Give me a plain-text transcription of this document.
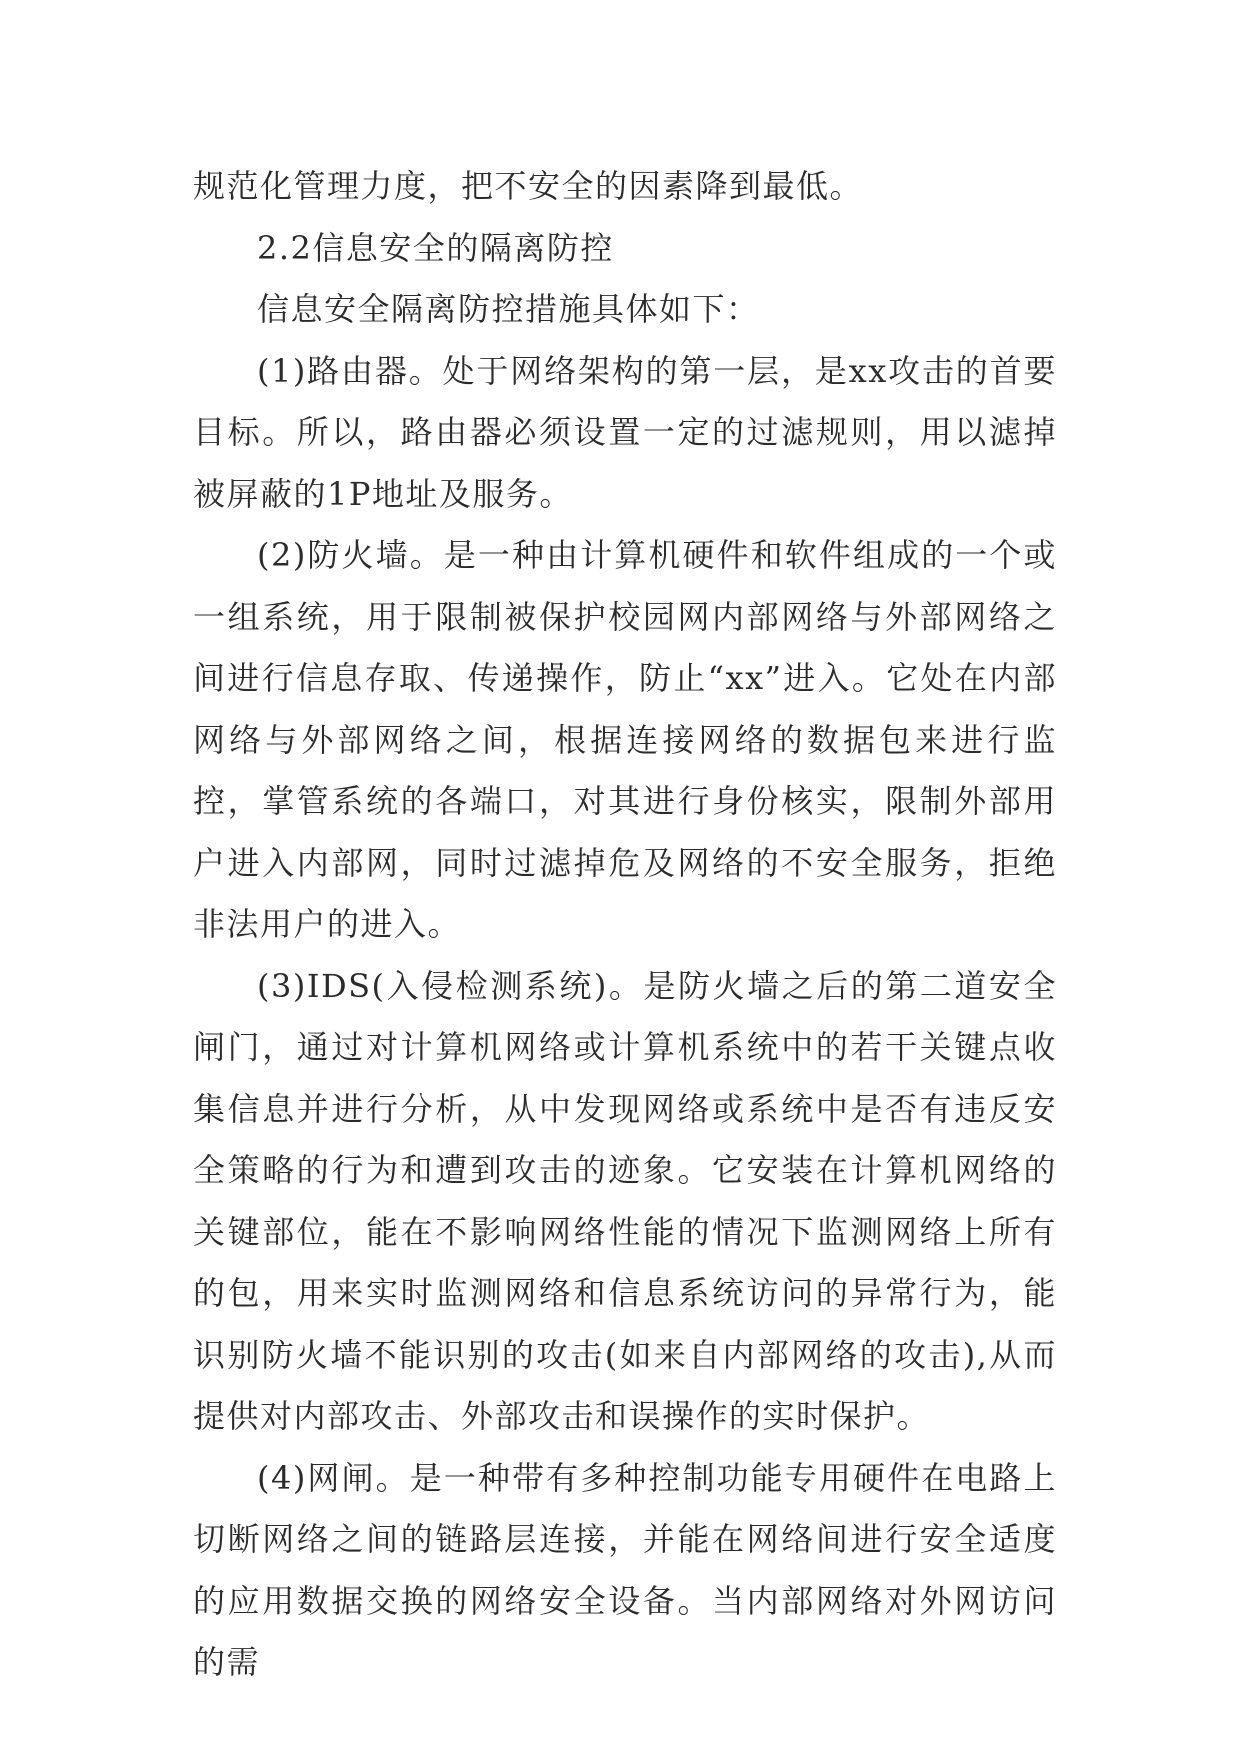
规范化管理力度，把不安全的因素降到最低。

2.2信息安全的隔离防控

信息安全隔离防控措施具体如下：

(1)路由器。处于网络架构的第一层，是xx攻击的首要目标。所以，路由器必须设置一定的过滤规则，用以滤掉被屏蔽的1P地址及服务。

(2)防火墙。是一种由计算机硬件和软件组成的一个或一组系统，用于限制被保护校园网内部网络与外部网络之间进行信息存取、传递操作，防止“xx”进入。它处在内部网络与外部网络之间，根据连接网络的数据包来进行监控，掌管系统的各端口，对其进行身份核实，限制外部用户进入内部网，同时过滤掉危及网络的不安全服务，拒绝非法用户的进入。

(3)IDS(入侵检测系统)。是防火墙之后的第二道安全闸门，通过对计算机网络或计算机系统中的若干关键点收集信息并进行分析，从中发现网络或系统中是否有违反安全策略的行为和遭到攻击的迹象。它安装在计算机网络的关键部位，能在不影响网络性能的情况下监测网络上所有的包，用来实时监测网络和信息系统访问的异常行为，能识别防火墙不能识别的攻击(如来自内部网络的攻击),从而提供对内部攻击、外部攻击和误操作的实时保护。

(4)网闸。是一种带有多种控制功能专用硬件在电路上切断网络之间的链路层连接，并能在网络间进行安全适度的应用数据交换的网络安全设备。当内部网络对外网访问的需
